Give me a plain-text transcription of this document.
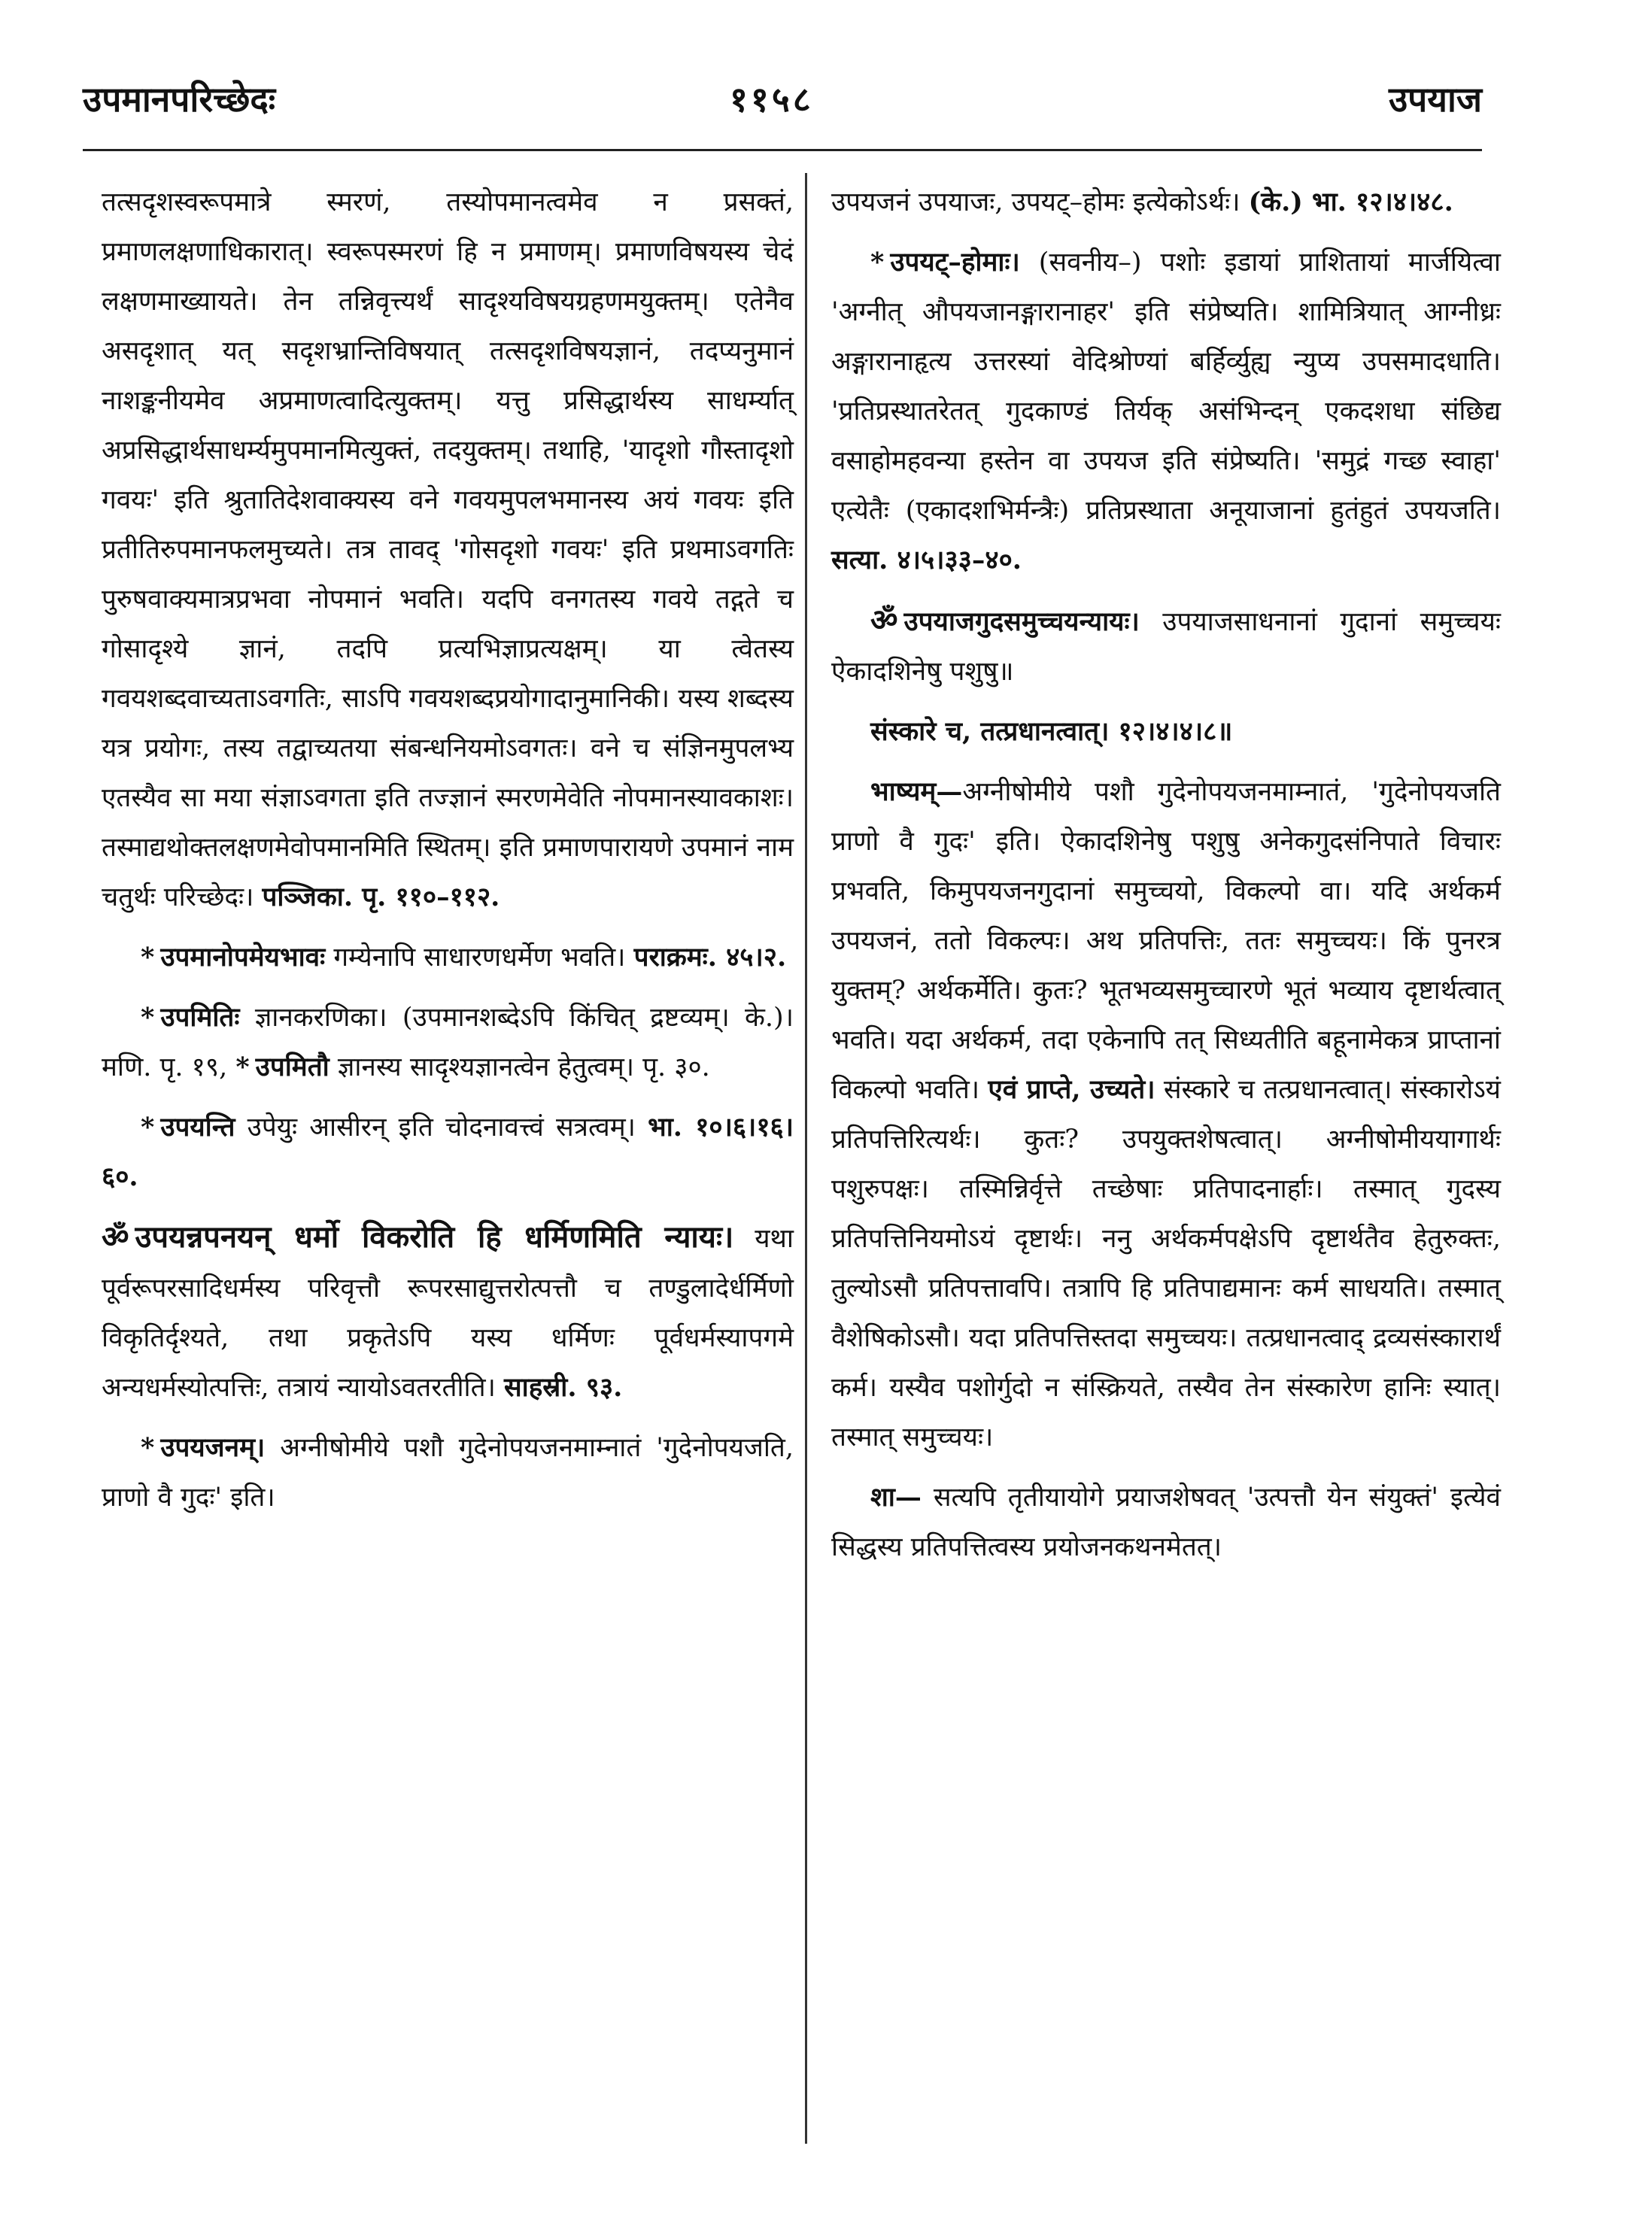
उपमानपरिच्छेदः	११५८	उपयाज

तत्सदृशस्वरूपमात्रे स्मरणं, तस्योपमानत्वमेव न प्रसक्तं, प्रमाणलक्षणाधिकारात्। स्वरूपस्मरणं हि न प्रमाणम्। प्रमाणविषयस्य चेदं लक्षणमाख्यायते। तेन तन्निवृत्त्यर्थं सादृश्यविषयग्रहणमयुक्तम्। एतेनैव असदृशात् यत् सदृशभ्रान्तिविषयात् तत्सदृशविषयज्ञानं, तदप्यनुमानं नाशङ्कनीयमेव अप्रमाणत्वादित्युक्तम्। यत्तु प्रसिद्धार्थस्य साधर्म्यात् अप्रसिद्धार्थसाधर्म्यमुपमानमित्युक्तं, तदयुक्तम्। तथाहि, 'यादृशो गौस्तादृशो गवयः' इति श्रुतातिदेशवाक्यस्य वने गवयमुपलभमानस्य अयं गवयः इति प्रतीतिरुपमानफलमुच्यते। तत्र तावद् 'गोसदृशो गवयः' इति प्रथमाऽवगतिः पुरुषवाक्यमात्रप्रभवा नोपमानं भवति। यदपि वनगतस्य गवये तद्गते च गोसादृश्ये ज्ञानं, तदपि प्रत्यभिज्ञाप्रत्यक्षम्। या त्वेतस्य गवयशब्दवाच्यताऽवगतिः, साऽपि गवयशब्दप्रयोगादानुमानिकी। यस्य शब्दस्य यत्र प्रयोगः, तस्य तद्वाच्यतया संबन्धनियमोऽवगतः। वने च संज्ञिनमुपलभ्य एतस्यैव सा मया संज्ञाऽवगता इति तज्ज्ञानं स्मरणमेवेति नोपमानस्यावकाशः। तस्माद्यथोक्तलक्षणमेवोपमानमिति स्थितम्। इति प्रमाणपारायणे उपमानं नाम चतुर्थः परिच्छेदः। पञ्जिका. पृ. ११०–११२.

* उपमानोपमेयभावः गम्येनापि साधारणधर्मेण भवति। पराक्रमः. ४५।२.

* उपमितिः ज्ञानकरणिका। (उपमानशब्देऽपि किंचित् द्रष्टव्यम्। के.)। मणि. पृ. १९, * उपमितौ ज्ञानस्य सादृश्यज्ञानत्वेन हेतुत्वम्। पृ. ३०.

* उपयन्ति उपेयुः आसीरन् इति चोदनावत्त्वं सत्रत्वम्। भा. १०।६।१६।६०.

ॐ उपयन्नपनयन् धर्मो विकरोति हि धर्मिणमिति न्यायः। यथा पूर्वरूपरसादिधर्मस्य परिवृत्तौ रूपरसाद्युत्तरोत्पत्तौ च तण्डुलादेर्धर्मिणो विकृतिर्दृश्यते, तथा प्रकृतेऽपि यस्य धर्मिणः पूर्वधर्मस्यापगमे अन्यधर्मस्योत्पत्तिः, तत्रायं न्यायोऽवतरतीति। साहस्री. ९३.

* उपयजनम्। अग्नीषोमीये पशौ गुदेनोपयजनमाम्नातं 'गुदेनोपयजति, प्राणो वै गुदः' इति।

उपयजनं उपयाजः, उपयट्–होमः इत्येकोऽर्थः। (के.) भा. १२।४।४८.

* उपयट्–होमाः। (सवनीय–) पशोः इडायां प्राशितायां मार्जयित्वा 'अग्नीत् औपयजानङ्गारानाहर' इति संप्रेष्यति। शामित्रियात् आग्नीध्रः अङ्गारानाहृत्य उत्तरस्यां वेदिश्रोण्यां बर्हिर्व्युह्य न्युप्य उपसमादधाति। 'प्रतिप्रस्थातरेतत् गुदकाण्डं तिर्यक् असंभिन्दन् एकदशधा संछिद्य वसाहोमहवन्या हस्तेन वा उपयज इति संप्रेष्यति। 'समुद्रं गच्छ स्वाहा' एत्येतैः (एकादशभिर्मन्त्रैः) प्रतिप्रस्थाता अनूयाजानां हुतंहुतं उपयजति। सत्या. ४।५।३३–४०.

ॐ उपयाजगुदसमुच्चयन्यायः। उपयाजसाधनानां गुदानां समुच्चयः ऐकादशिनेषु पशुषु॥

संस्कारे च, तत्प्रधानत्वात्। १२।४।४।८॥

भाष्यम्—अग्नीषोमीये पशौ गुदेनोपयजनमाम्नातं, 'गुदेनोपयजति प्राणो वै गुदः' इति। ऐकादशिनेषु पशुषु अनेकगुदसंनिपाते विचारः प्रभवति, किमुपयजनगुदानां समुच्चयो, विकल्पो वा। यदि अर्थकर्म उपयजनं, ततो विकल्पः। अथ प्रतिपत्तिः, ततः समुच्चयः। किं पुनरत्र युक्तम्? अर्थकर्मेति। कुतः? भूतभव्यसमुच्चारणे भूतं भव्याय दृष्टार्थत्वात् भवति। यदा अर्थकर्म, तदा एकेनापि तत् सिध्यतीति बहूनामेकत्र प्राप्तानां विकल्पो भवति। एवं प्राप्ते, उच्यते। संस्कारे च तत्प्रधानत्वात्। संस्कारोऽयं प्रतिपत्तिरित्यर्थः। कुतः? उपयुक्तशेषत्वात्। अग्नीषोमीययागार्थः पशुरुपक्षः। तस्मिन्निर्वृत्ते तच्छेषाः प्रतिपादनार्हाः। तस्मात् गुदस्य प्रतिपत्तिनियमोऽयं दृष्टार्थः। ननु अर्थकर्मपक्षेऽपि दृष्टार्थतैव हेतुरुक्तः, तुल्योऽसौ प्रतिपत्तावपि। तत्रापि हि प्रतिपाद्यमानः कर्म साधयति। तस्मात् वैशेषिकोऽसौ। यदा प्रतिपत्तिस्तदा समुच्चयः। तत्प्रधानत्वाद् द्रव्यसंस्कारार्थं कर्म। यस्यैव पशोर्गुदो न संस्क्रियते, तस्यैव तेन संस्कारेण हानिः स्यात्। तस्मात् समुच्चयः।

शा— सत्यपि तृतीयायोगे प्रयाजशेषवत् 'उत्पत्तौ येन संयुक्तं' इत्येवं सिद्धस्य प्रतिपत्तित्वस्य प्रयोजनकथनमेतत्।
